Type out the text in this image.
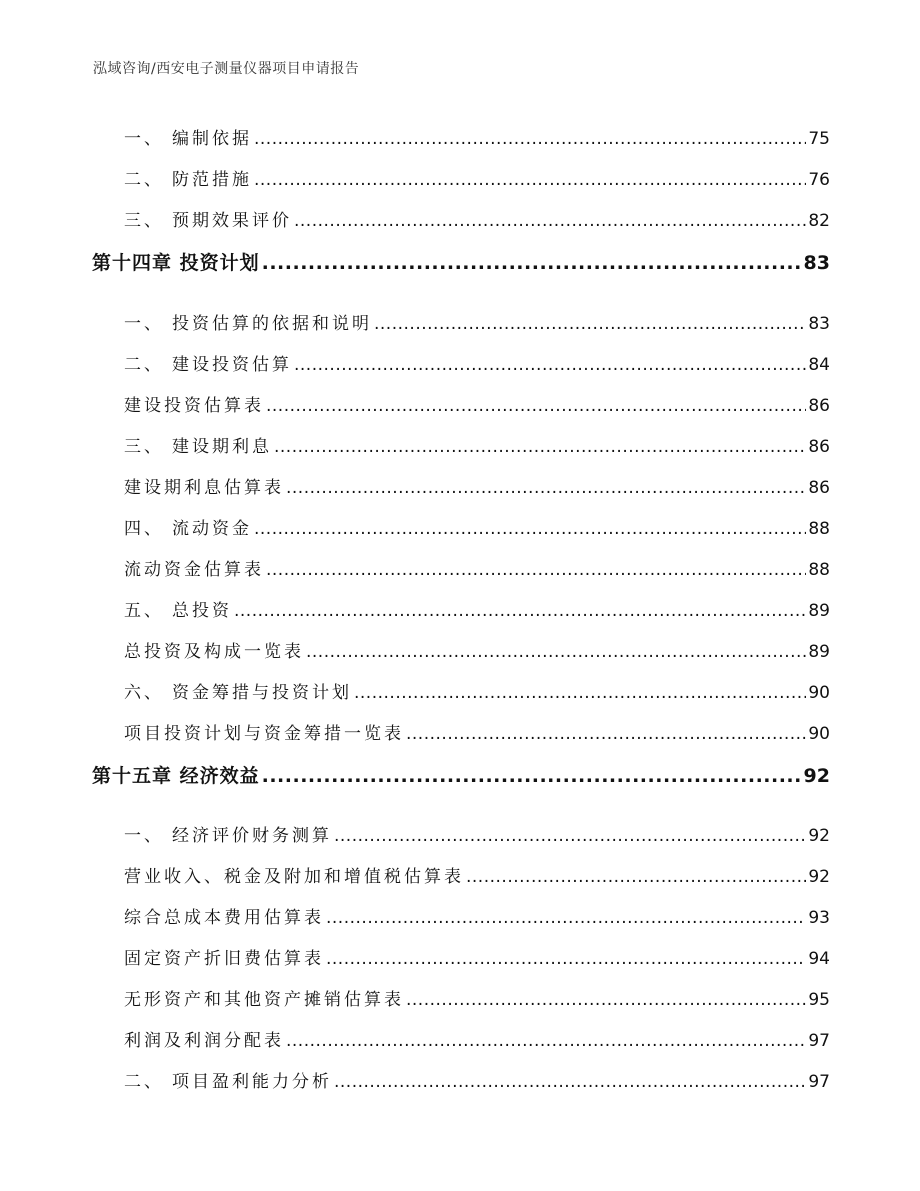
泓域咨询/西安电子测量仪器项目申请报告
一、 编制依据 .....	75
二、 防范措施 .....	76
三、 预期效果评价 .....	82
第十四章 投资计划 .....	83
一、 投资估算的依据和说明 .....	83
二、 建设投资估算 .....	84
建设投资估算表 .....	86
三、 建设期利息 .....	86
建设期利息估算表 .....	86
四、 流动资金 .....	88
流动资金估算表 .....	88
五、 总投资 .....	89
总投资及构成一览表 .....	89
六、 资金筹措与投资计划 .....	90
项目投资计划与资金筹措一览表 .....	90
第十五章 经济效益 .....	92
一、 经济评价财务测算 .....	92
营业收入、税金及附加和增值税估算表 .....	92
综合总成本费用估算表 .....	93
固定资产折旧费估算表 .....	94
无形资产和其他资产摊销估算表 .....	95
利润及利润分配表 .....	97
二、 项目盈利能力分析 .....	97
